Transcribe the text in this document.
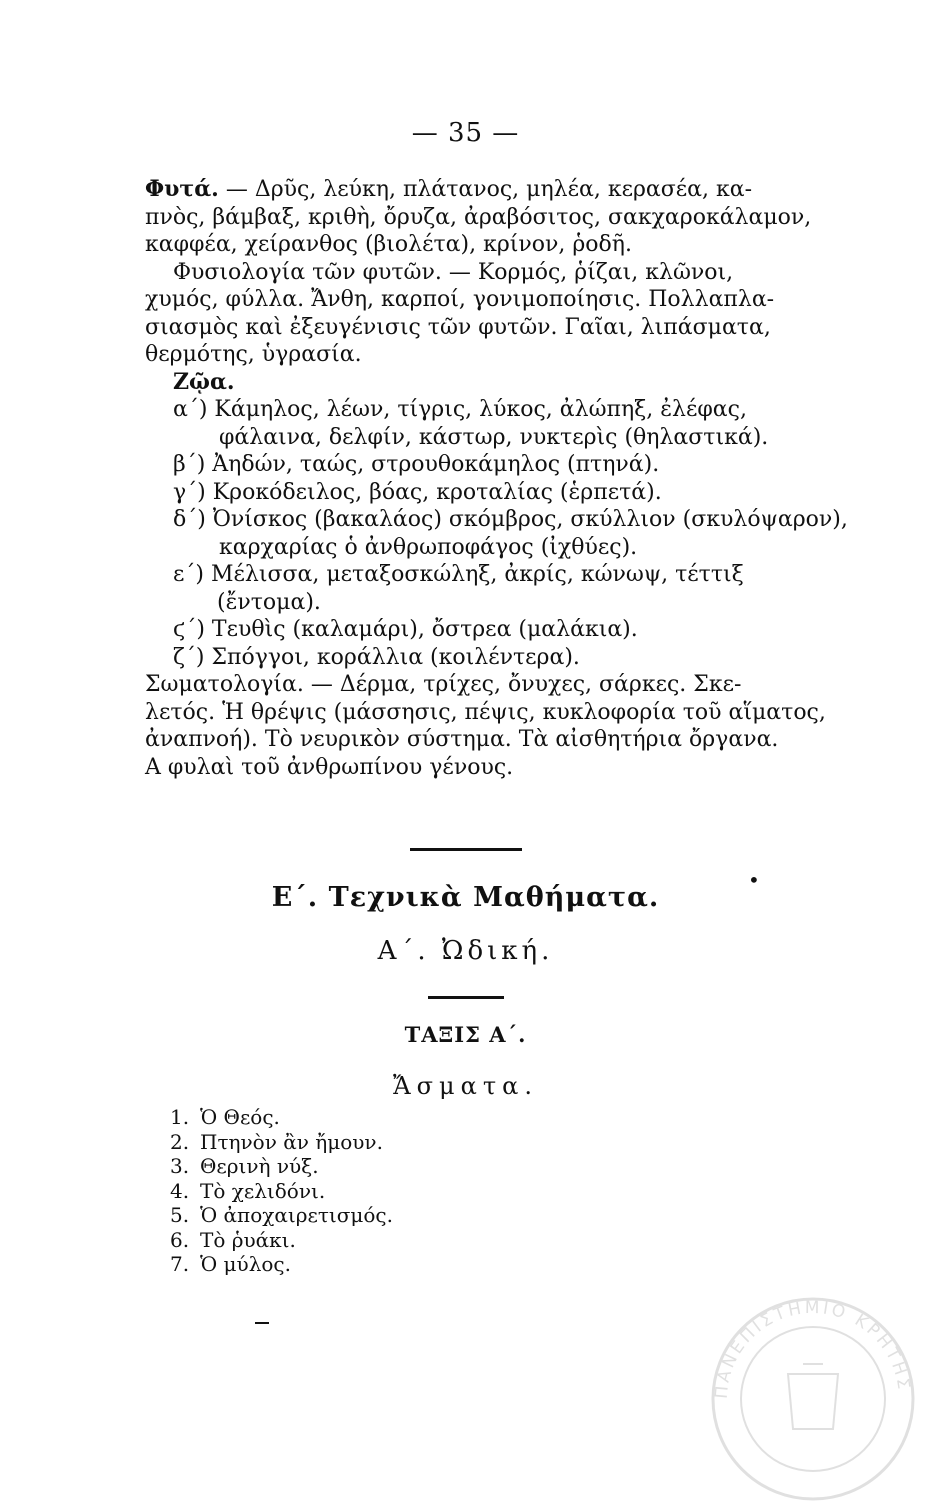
— 35 —
Φυτά. — Δρῦς, λεύκη, πλάτανος, μηλέα, κερασέα, κα-
πνὸς, βάμβαξ, κριθὴ, ὄρυζα, ἀραβόσιτος, σακχαροκάλαμον,
καφφέα, χείρανθος (βιολέτα), κρίνον, ῥοδῆ.
Φυσιολογία τῶν φυτῶν. — Κορμός, ῥίζαι, κλῶνοι,
χυμός, φύλλα. Ἄνθη, καρποί, γονιμοποίησις. Πολλαπλα-
σιασμὸς καὶ ἐξευγένισις τῶν φυτῶν. Γαῖαι, λιπάσματα,
θερμότης, ὑγρασία.
Ζῷα.
α΄) Κάμηλος, λέων, τίγρις, λύκος, ἀλώπηξ, ἐλέφας,
φάλαινα, δελφίν, κάστωρ, νυκτερὶς (θηλαστικά).
β΄) Ἀηδών, ταώς, στρουθοκάμηλος (πτηνά).
γ΄) Κροκόδειλος, βόας, κροταλίας (ἑρπετά).
δ΄) Ὀνίσκος (βακαλάος) σκόμβρος, σκύλλιον (σκυλόψαρον),
καρχαρίας ὁ ἀνθρωποφάγος (ἰχθύες).
ε΄) Μέλισσα, μεταξοσκώληξ, ἀκρίς, κώνωψ, τέττιξ
(ἔντομα).
ϛ΄) Τευθὶς (καλαμάρι), ὄστρεα (μαλάκια).
ζ΄) Σπόγγοι, κοράλλια (κοιλέντερα).
Σωματολογία. — Δέρμα, τρίχες, ὄνυχες, σάρκες. Σκε-
λετός. Ἡ θρέψις (μάσσησις, πέψις, κυκλοφορία τοῦ αἵματος,
ἀναπνοή). Τὸ νευρικὸν σύστημα. Τὰ αἰσθητήρια ὄργανα.
Α φυλαὶ τοῦ ἀνθρωπίνου γένους.
•
Ε΄. Τεχνικὰ Μαθήματα.
Α΄. Ὠδική.
ΤΑΞΙΣ Α΄.
Ἄσματα.
1. Ὁ Θεός.
2. Πτηνὸν ἂν ἤμουν.
3. Θερινὴ νύξ.
4. Τὸ χελιδόνι.
5. Ὁ ἀποχαιρετισμός.
6. Τὸ ῥυάκι.
7. Ὁ μύλος.
ΠΑΝΕΠΙΣΤΗΜΙΟ ΚΡΗΤΗΣ
